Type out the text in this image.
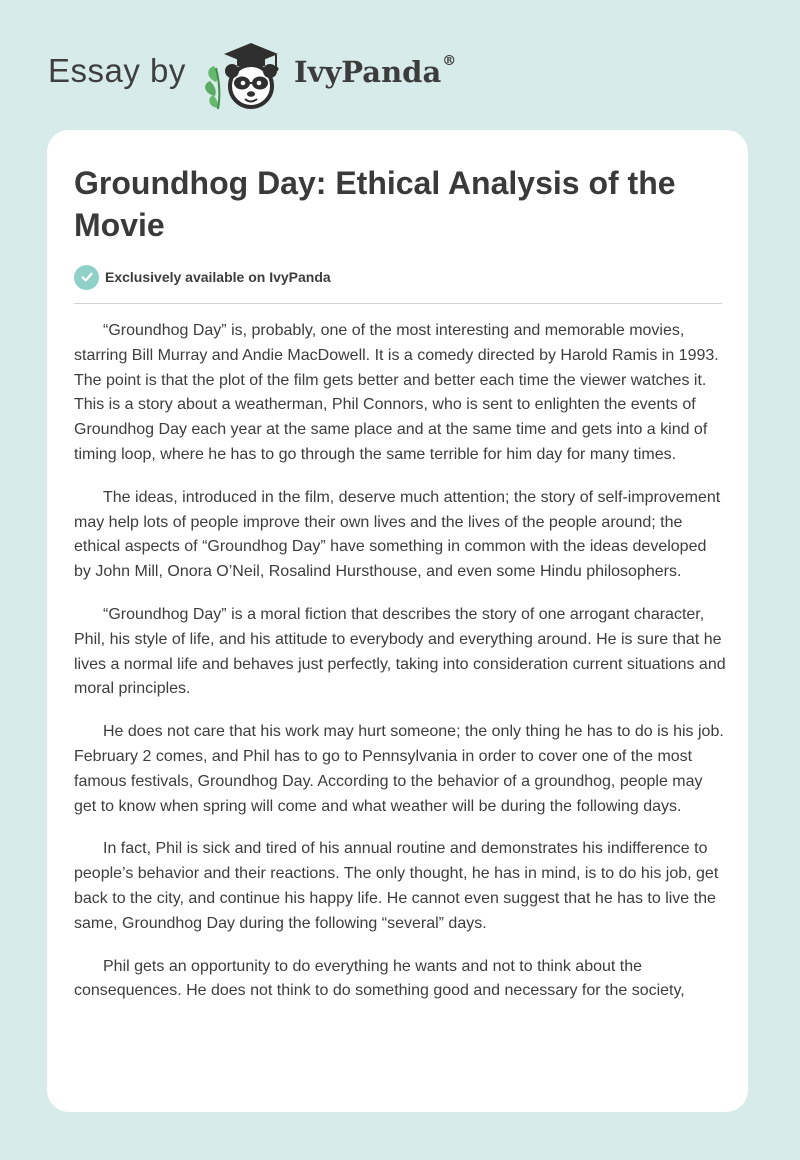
Essay by	IvyPanda®
Groundhog Day: Ethical Analysis of the Movie
Exclusively available on IvyPanda

“Groundhog Day” is, probably, one of the most interesting and memorable movies, starring Bill Murray and Andie MacDowell. It is a comedy directed by Harold Ramis in 1993. The point is that the plot of the film gets better and better each time the viewer watches it. This is a story about a weatherman, Phil Connors, who is sent to enlighten the events of Groundhog Day each year at the same place and at the same time and gets into a kind of timing loop, where he has to go through the same terrible for him day for many times.

The ideas, introduced in the film, deserve much attention; the story of self-improvement may help lots of people improve their own lives and the lives of the people around; the ethical aspects of “Groundhog Day” have something in common with the ideas developed by John Mill, Onora O’Neil, Rosalind Hursthouse, and even some Hindu philosophers.

“Groundhog Day” is a moral fiction that describes the story of one arrogant character, Phil, his style of life, and his attitude to everybody and everything around. He is sure that he lives a normal life and behaves just perfectly, taking into consideration current situations and moral principles.

He does not care that his work may hurt someone; the only thing he has to do is his job. February 2 comes, and Phil has to go to Pennsylvania in order to cover one of the most famous festivals, Groundhog Day. According to the behavior of a groundhog, people may get to know when spring will come and what weather will be during the following days.

In fact, Phil is sick and tired of his annual routine and demonstrates his indifference to people’s behavior and their reactions. The only thought, he has in mind, is to do his job, get back to the city, and continue his happy life. He cannot even suggest that he has to live the same, Groundhog Day during the following “several” days.

Phil gets an opportunity to do everything he wants and not to think about the consequences. He does not think to do something good and necessary for the society,
